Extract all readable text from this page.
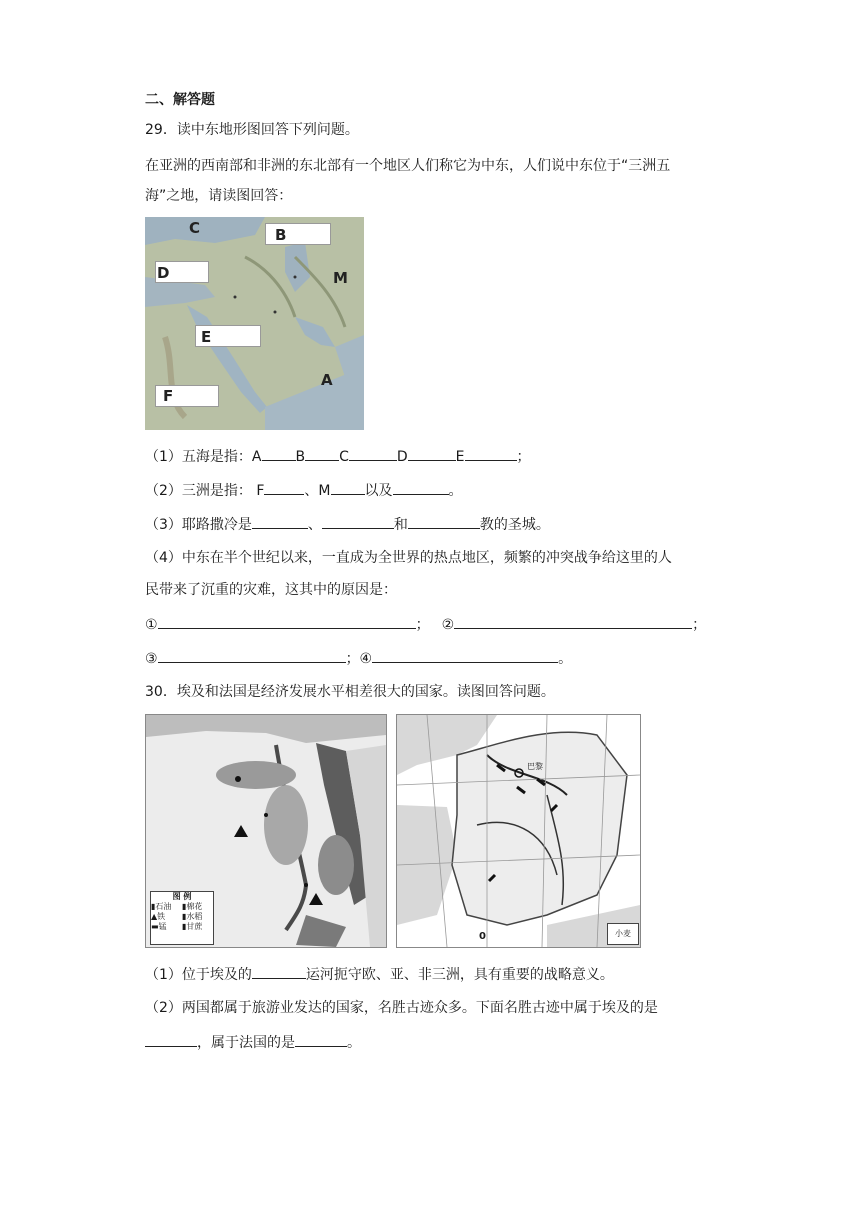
二、解答题
29．读中东地形图回答下列问题。
在亚洲的西南部和非洲的东北部有一个地区人们称它为中东，人们说中东位于“三洲五
海”之地，请读图回答：
C	B
D	M
E
A
F
（1）五海是指：A B C	D	E	；
（2）三洲是指： F	、M 以及	。
（3）耶路撒冷是	、	和	教的圣城。
（4）中东在半个世纪以来，一直成为全世界的热点地区，频繁的冲突战争给这里的人
民带来了沉重的灾难，这其中的原因是：
①	； ②	；
③	；④	。
30．埃及和法国是经济发展水平相差很大的国家。读图回答问题。
图 例
▮石油	▮棉花
▲铁	▮水稻
▬锰	▮甘蔗
巴黎
小麦
0
（1）位于埃及的	运河扼守欧、亚、非三洲，具有重要的战略意义。
（2）两国都属于旅游业发达的国家，名胜古迹众多。下面名胜古迹中属于埃及的是
，属于法国的是	。
